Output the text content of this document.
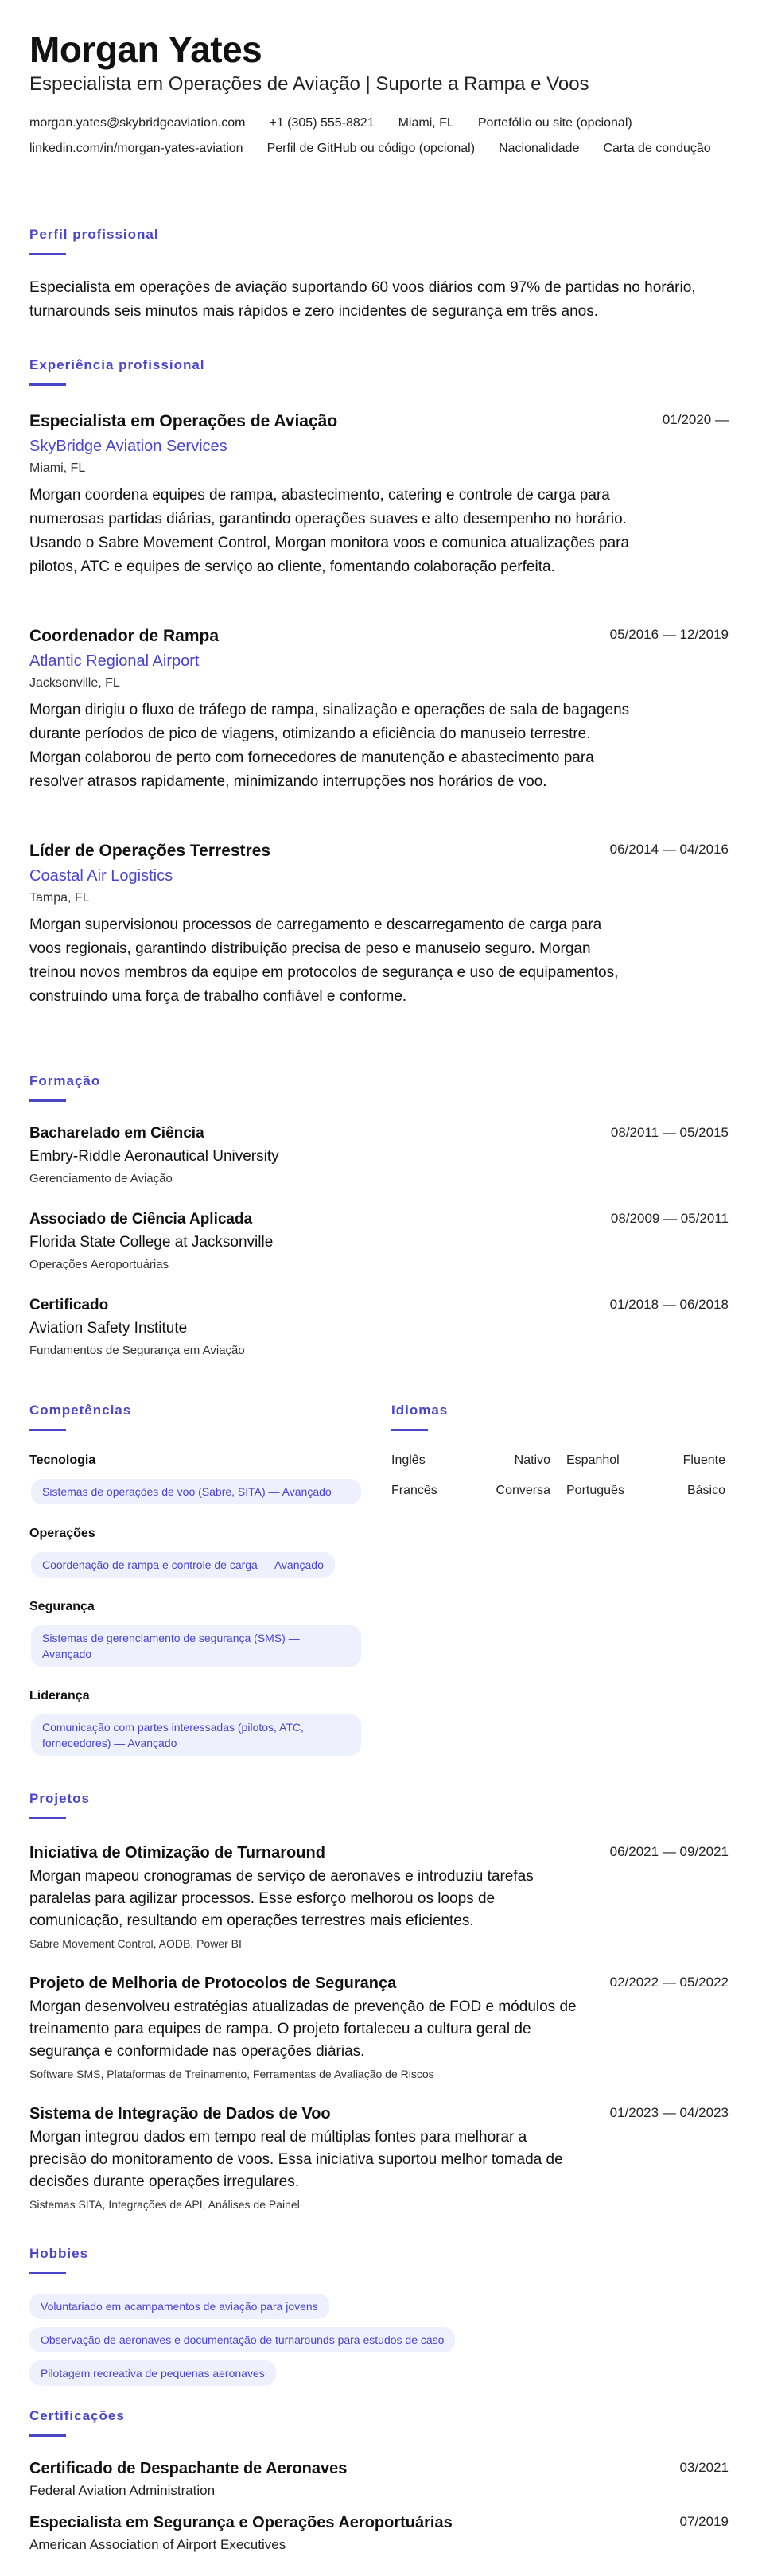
Morgan Yates
Especialista em Operações de Aviação | Suporte a Rampa e Voos
morgan.yates@skybridgeaviation.com +1 (305) 555-8821 Miami, FL Portefólio ou site (opcional)
linkedin.com/in/morgan-yates-aviation Perfil de GitHub ou código (opcional) Nacionalidade Carta de condução
Perfil profissional

Especialista em operações de aviação suportando 60 voos diários com 97% de partidas no horário, turnarounds seis minutos mais rápidos e zero incidentes de segurança em três anos.

Experiência profissional
Especialista em Operações de Aviação	01/2020 —
SkyBridge Aviation Services
Miami, FL

Morgan coordena equipes de rampa, abastecimento, catering e controle de carga para numerosas partidas diárias, garantindo operações suaves e alto desempenho no horário. Usando o Sabre Movement Control, Morgan monitora voos e comunica atualizações para pilotos, ATC e equipes de serviço ao cliente, fomentando colaboração perfeita.

Coordenador de Rampa	05/2016 — 12/2019
Atlantic Regional Airport
Jacksonville, FL

Morgan dirigiu o fluxo de tráfego de rampa, sinalização e operações de sala de bagagens durante períodos de pico de viagens, otimizando a eficiência do manuseio terrestre. Morgan colaborou de perto com fornecedores de manutenção e abastecimento para resolver atrasos rapidamente, minimizando interrupções nos horários de voo.

Líder de Operações Terrestres	06/2014 — 04/2016
Coastal Air Logistics
Tampa, FL

Morgan supervisionou processos de carregamento e descarregamento de carga para voos regionais, garantindo distribuição precisa de peso e manuseio seguro. Morgan treinou novos membros da equipe em protocolos de segurança e uso de equipamentos, construindo uma força de trabalho confiável e conforme.

Formação
Bacharelado em Ciência	08/2011 — 05/2015
Embry-Riddle Aeronautical University
Gerenciamento de Aviação
Associado de Ciência Aplicada	08/2009 — 05/2011
Florida State College at Jacksonville
Operações Aeroportuárias
Certificado	01/2018 — 06/2018
Aviation Safety Institute
Fundamentos de Segurança em Aviação
Competências
Tecnologia
Sistemas de operações de voo (Sabre, SITA) — Avançado
Operações
Coordenação de rampa e controle de carga — Avançado
Segurança
Sistemas de gerenciamento de segurança (SMS) — Avançado
Liderança
Comunicação com partes interessadas (pilotos, ATC, fornecedores) — Avançado
Idiomas
Inglês	Nativo Espanhol	Fluente
Francês	Conversa Português	Básico
Projetos
Iniciativa de Otimização de Turnaround	06/2021 — 09/2021

Morgan mapeou cronogramas de serviço de aeronaves e introduziu tarefas paralelas para agilizar processos. Esse esforço melhorou os loops de comunicação, resultando em operações terrestres mais eficientes.

Sabre Movement Control, AODB, Power BI
Projeto de Melhoria de Protocolos de Segurança	02/2022 — 05/2022

Morgan desenvolveu estratégias atualizadas de prevenção de FOD e módulos de treinamento para equipes de rampa. O projeto fortaleceu a cultura geral de segurança e conformidade nas operações diárias.

Software SMS, Plataformas de Treinamento, Ferramentas de Avaliação de Riscos
Sistema de Integração de Dados de Voo	01/2023 — 04/2023

Morgan integrou dados em tempo real de múltiplas fontes para melhorar a precisão do monitoramento de voos. Essa iniciativa suportou melhor tomada de decisões durante operações irregulares.

Sistemas SITA, Integrações de API, Análises de Painel
Hobbies
Voluntariado em acampamentos de aviação para jovens
Observação de aeronaves e documentação de turnarounds para estudos de caso
Pilotagem recreativa de pequenas aeronaves
Certificações
Certificado de Despachante de Aeronaves	03/2021
Federal Aviation Administration
Especialista em Segurança e Operações Aeroportuárias	07/2019
American Association of Airport Executives
